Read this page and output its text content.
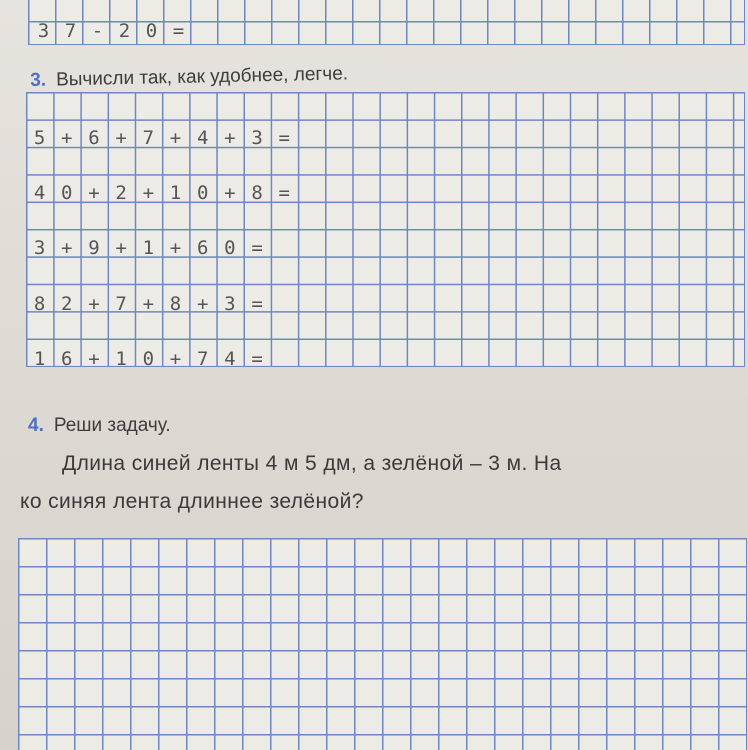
3 7 - 2 0 =
3. Вычисли так, как удобнее, легче.
5 + 6 + 7 + 4 + 3 =
4 0 + 2 + 1 0 + 8 =
3 + 9 + 1 + 6 0 =
8 2 + 7 + 8 + 3 =
1 6 + 1 0 + 7 4 =
4. Реши задачу.
Длина синей ленты 4 м 5 дм, а зелёной – 3 м. На
ко синяя лента длиннее зелёной?
